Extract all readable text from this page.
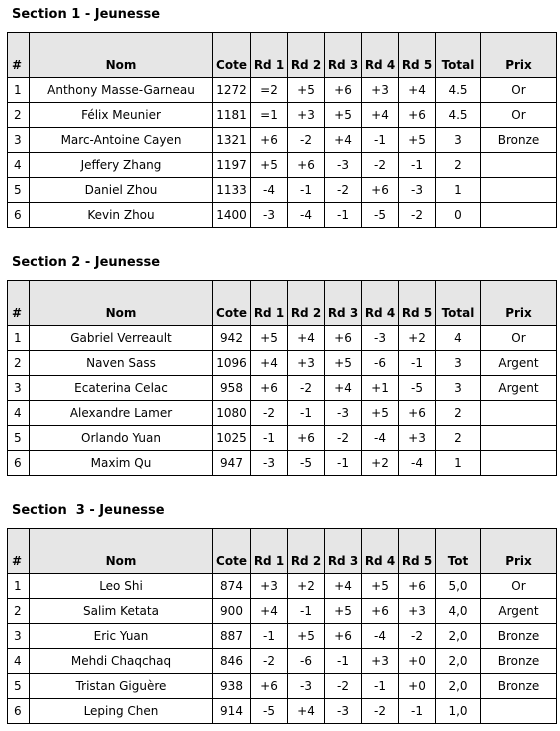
Section 1 - Jeunesse
#	Nom	Cote	Rd 1	Rd 2	Rd 3	Rd 4	Rd 5	Total	Prix
1	Anthony Masse-Garneau	1272	=2	+5	+6	+3	+4	4.5	Or
2	Félix Meunier	1181	=1	+3	+5	+4	+6	4.5	Or
3	Marc-Antoine Cayen	1321	+6	-2	+4	-1	+5	3	Bronze
4	Jeffery Zhang	1197	+5	+6	-3	-2	-1	2	
5	Daniel Zhou	1133	-4	-1	-2	+6	-3	1	
6	Kevin Zhou	1400	-3	-4	-1	-5	-2	0	
Section 2 - Jeunesse
#	Nom	Cote	Rd 1	Rd 2	Rd 3	Rd 4	Rd 5	Total	Prix
1	Gabriel Verreault	942	+5	+4	+6	-3	+2	4	Or
2	Naven Sass	1096	+4	+3	+5	-6	-1	3	Argent
3	Ecaterina Celac	958	+6	-2	+4	+1	-5	3	Argent
4	Alexandre Lamer	1080	-2	-1	-3	+5	+6	2	
5	Orlando Yuan	1025	-1	+6	-2	-4	+3	2	
6	Maxim Qu	947	-3	-5	-1	+2	-4	1	
Section  3 - Jeunesse
#	Nom	Cote	Rd 1	Rd 2	Rd 3	Rd 4	Rd 5	Tot	Prix
1	Leo Shi	874	+3	+2	+4	+5	+6	5,0	Or
2	Salim Ketata	900	+4	-1	+5	+6	+3	4,0	Argent
3	Eric Yuan	887	-1	+5	+6	-4	-2	2,0	Bronze
4	Mehdi Chaqchaq	846	-2	-6	-1	+3	+0	2,0	Bronze
5	Tristan Giguère	938	+6	-3	-2	-1	+0	2,0	Bronze
6	Leping Chen	914	-5	+4	-3	-2	-1	1,0	
